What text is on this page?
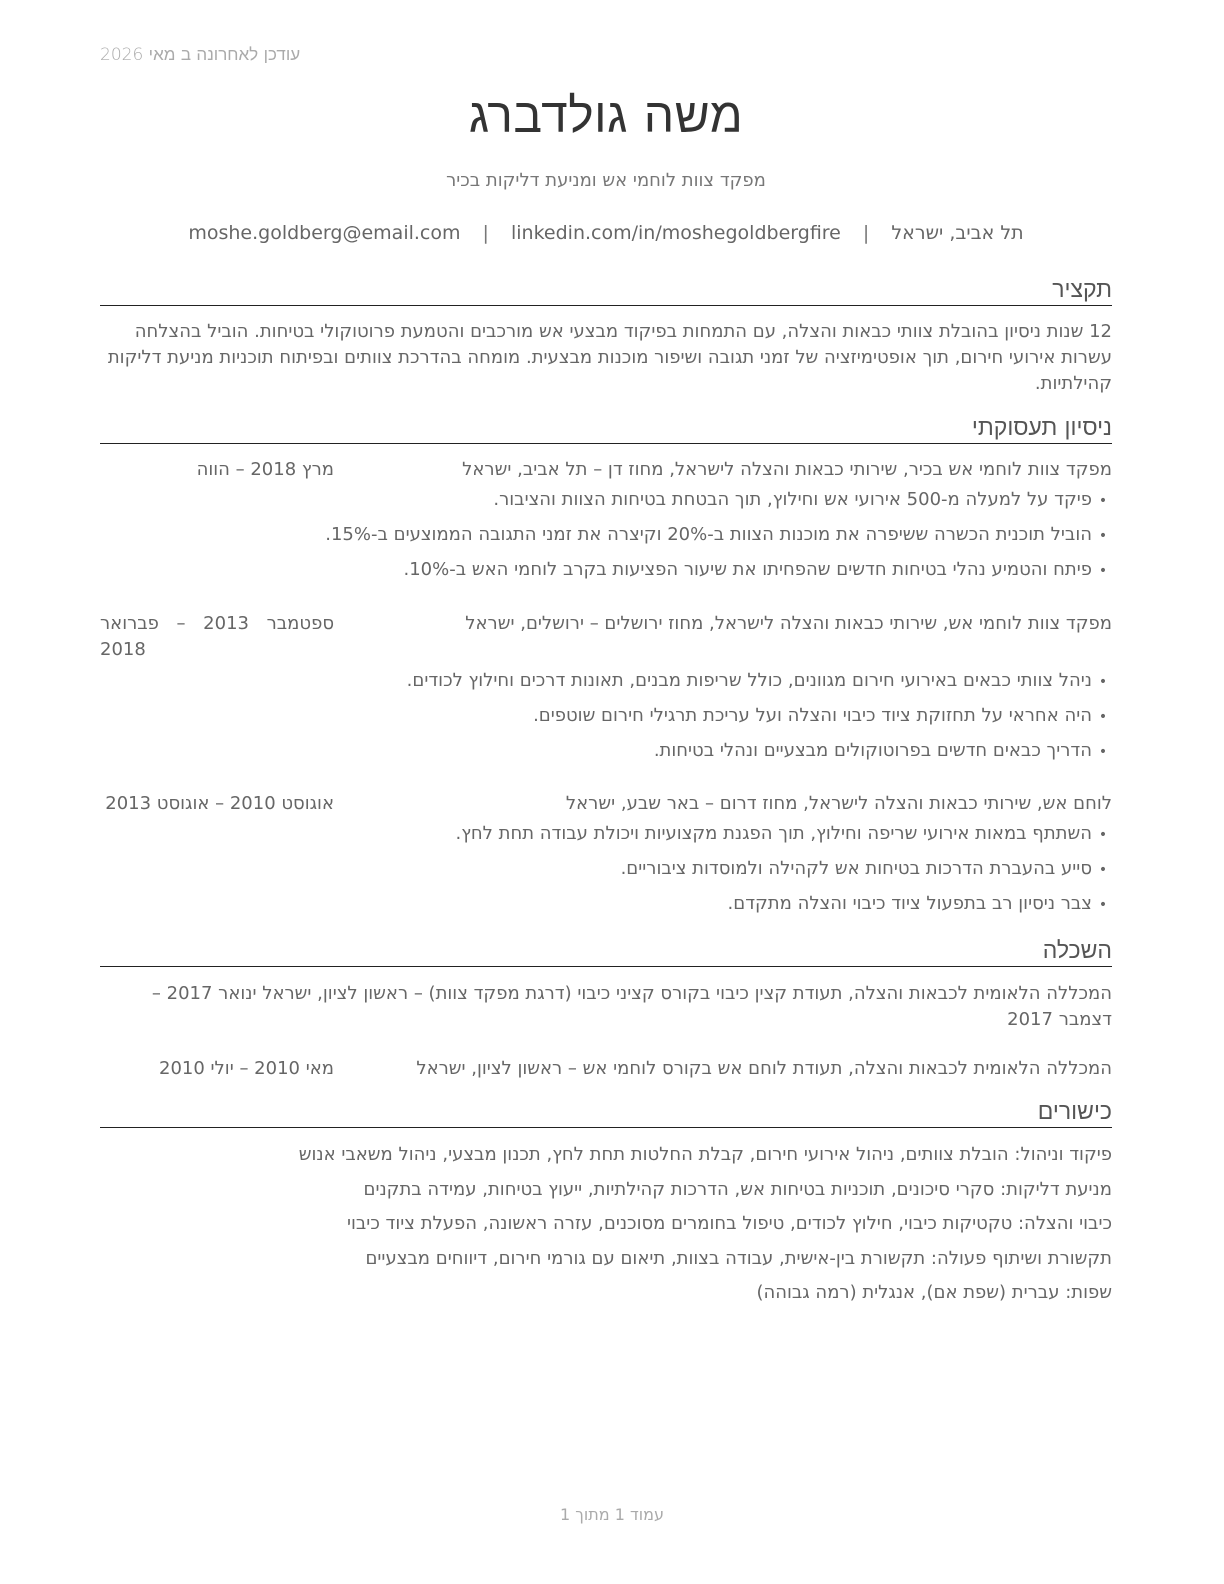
עודכן לאחרונה ב מאי 2026
משה גולדברג
מפקד צוות לוחמי אש ומניעת דליקות בכיר
תל אביב, ישראל | moshe.goldberg@email.com | linkedin.com/in/moshegoldbergfire
תקציר
12 שנות ניסיון בהובלת צוותי כבאות והצלה, עם התמחות בפיקוד מבצעי אש מורכבים והטמעת פרוטוקולי בטיחות. הוביל בהצלחה עשרות אירועי חירום, תוך אופטימיזציה של זמני תגובה ושיפור מוכנות מבצעית. מומחה בהדרכת צוותים ובפיתוח תוכניות מניעת דליקות קהילתיות.
ניסיון תעסוקתי
מפקד צוות לוחמי אש בכיר, שירותי כבאות והצלה לישראל, מחוז דן – תל אביב, ישראל
מרץ 2018 – הווה
•פיקד על למעלה מ-500 אירועי אש וחילוץ, תוך הבטחת בטיחות הצוות והציבור.
•הוביל תוכנית הכשרה ששיפרה את מוכנות הצוות ב-20% וקיצרה את זמני התגובה הממוצעים ב-15%.
•פיתח והטמיע נהלי בטיחות חדשים שהפחיתו את שיעור הפציעות בקרב לוחמי האש ב-10%.
מפקד צוות לוחמי אש, שירותי כבאות והצלה לישראל, מחוז ירושלים – ירושלים, ישראל
ספטמבר 2013 – פברואר 2018
•ניהל צוותי כבאים באירועי חירום מגוונים, כולל שריפות מבנים, תאונות דרכים וחילוץ לכודים.
•היה אחראי על תחזוקת ציוד כיבוי והצלה ועל עריכת תרגילי חירום שוטפים.
•הדריך כבאים חדשים בפרוטוקולים מבצעיים ונהלי בטיחות.
לוחם אש, שירותי כבאות והצלה לישראל, מחוז דרום – באר שבע, ישראל
אוגוסט 2010 – אוגוסט 2013
•השתתף במאות אירועי שריפה וחילוץ, תוך הפגנת מקצועיות ויכולת עבודה תחת לחץ.
•סייע בהעברת הדרכות בטיחות אש לקהילה ולמוסדות ציבוריים.
•צבר ניסיון רב בתפעול ציוד כיבוי והצלה מתקדם.
השכלה
המכללה הלאומית לכבאות והצלה, תעודת קצין כיבוי בקורס קציני כיבוי (דרגת מפקד צוות) – ראשון לציון, ישראל ינואר 2017 – דצמבר 2017
המכללה הלאומית לכבאות והצלה, תעודת לוחם אש בקורס לוחמי אש – ראשון לציון, ישראל
מאי 2010 – יולי 2010
כישורים
פיקוד וניהול: הובלת צוותים, ניהול אירועי חירום, קבלת החלטות תחת לחץ, תכנון מבצעי, ניהול משאבי אנוש
מניעת דליקות: סקרי סיכונים, תוכניות בטיחות אש, הדרכות קהילתיות, ייעוץ בטיחות, עמידה בתקנים
כיבוי והצלה: טקטיקות כיבוי, חילוץ לכודים, טיפול בחומרים מסוכנים, עזרה ראשונה, הפעלת ציוד כיבוי
תקשורת ושיתוף פעולה: תקשורת בין-אישית, עבודה בצוות, תיאום עם גורמי חירום, דיווחים מבצעיים
שפות: עברית (שפת אם), אנגלית (רמה גבוהה)
עמוד 1 מתוך 1
